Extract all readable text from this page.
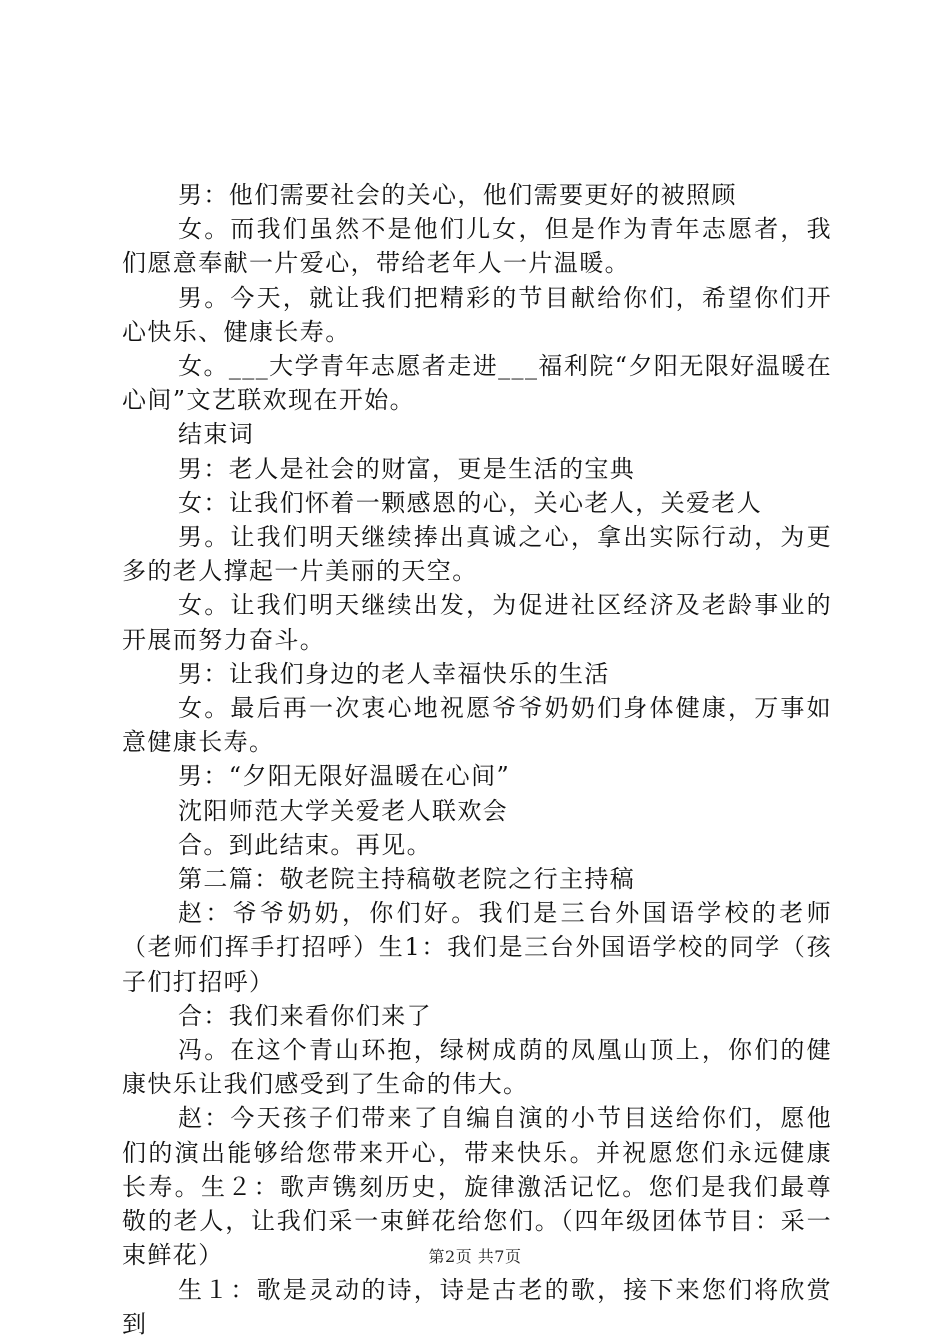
男：他们需要社会的关心，他们需要更好的被照顾

女。而我们虽然不是他们儿女，但是作为青年志愿者，我们愿意奉献一片爱心，带给老年人一片温暖。

男。今天，就让我们把精彩的节目献给你们，希望你们开心快乐、健康长寿。

女。___大学青年志愿者走进___福利院“夕阳无限好温暖在心间”文艺联欢现在开始。

结束词

男：老人是社会的财富，更是生活的宝典

女：让我们怀着一颗感恩的心，关心老人，关爱老人

男。让我们明天继续捧出真诚之心，拿出实际行动，为更多的老人撑起一片美丽的天空。

女。让我们明天继续出发，为促进社区经济及老龄事业的开展而努力奋斗。

男：让我们身边的老人幸福快乐的生活

女。最后再一次衷心地祝愿爷爷奶奶们身体健康，万事如意健康长寿。

男：“夕阳无限好温暖在心间”

沈阳师范大学关爱老人联欢会

合。到此结束。再见。

第二篇：敬老院主持稿敬老院之行主持稿

赵：爷爷奶奶，你们好。我们是三台外国语学校的老师（老师们挥手打招呼）生1：我们是三台外国语学校的同学（孩子们打招呼）

合：我们来看你们来了

冯。在这个青山环抱，绿树成荫的凤凰山顶上，你们的健康快乐让我们感受到了生命的伟大。

赵：今天孩子们带来了自编自演的小节目送给你们，愿他们的演出能够给您带来开心，带来快乐。并祝愿您们永远健康长寿。生２：歌声镌刻历史，旋律激活记忆。您们是我们最尊敬的老人，让我们采一束鲜花给您们。（四年级团体节目：采一束鲜花）

生１：歌是灵动的诗，诗是古老的歌，接下来您们将欣赏到

第2页 共7页
